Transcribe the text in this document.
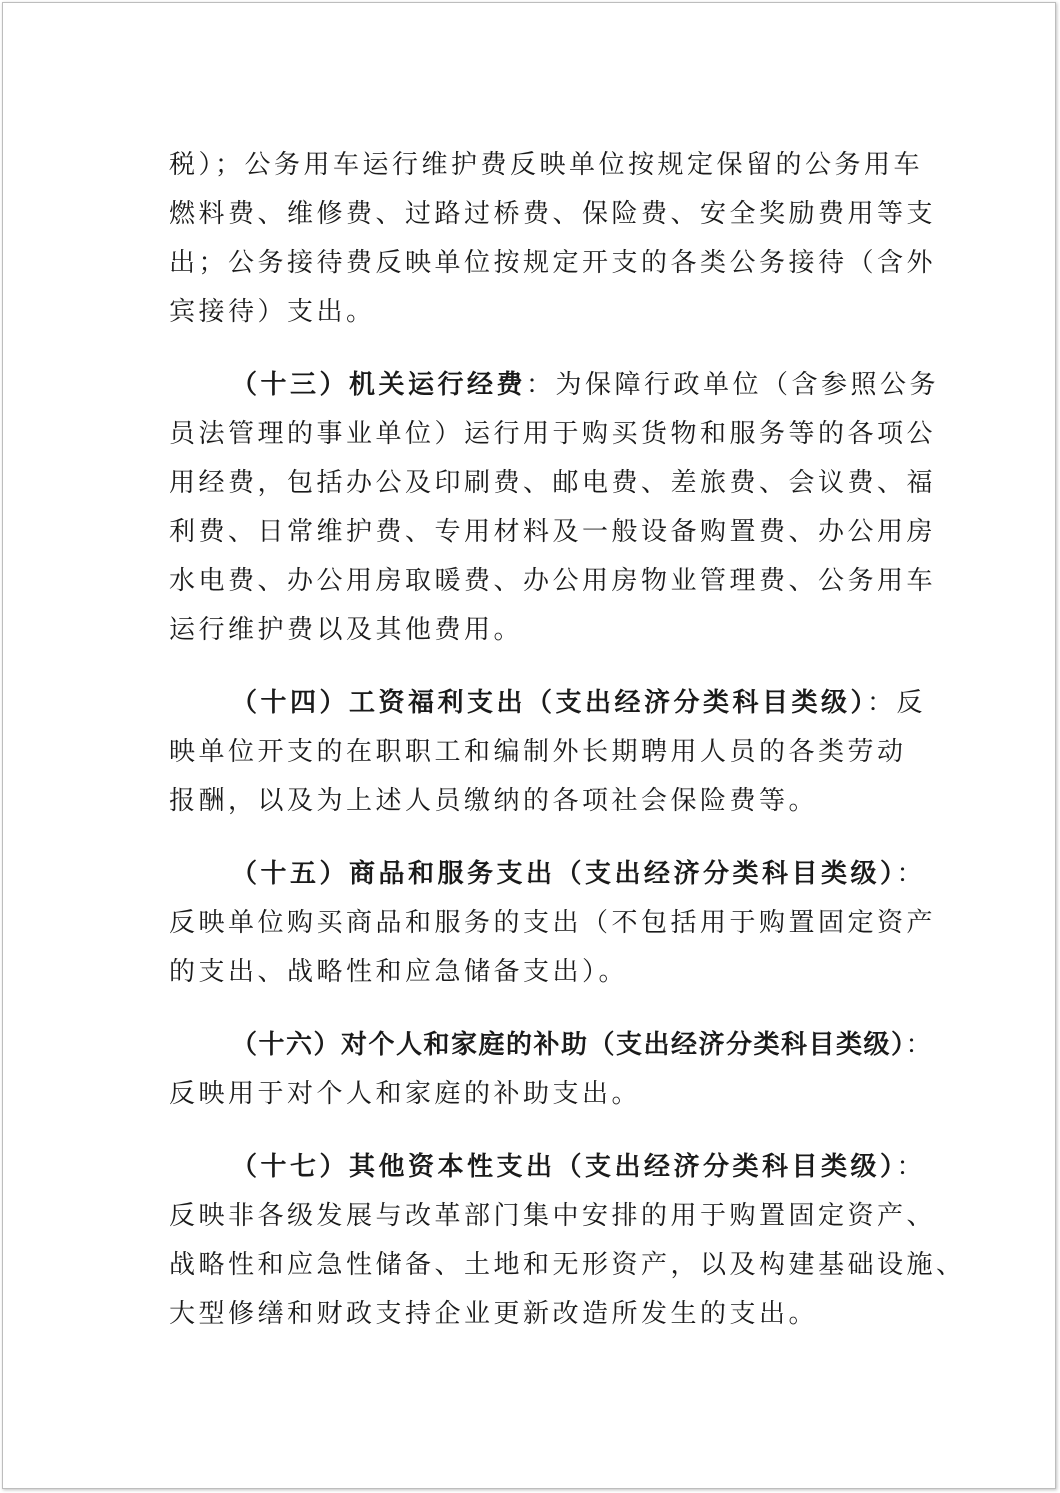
税）；公务用车运行维护费反映单位按规定保留的公务用车
燃料费、维修费、过路过桥费、保险费、安全奖励费用等支
出；公务接待费反映单位按规定开支的各类公务接待（含外
宾接待）支出。
（十三）机关运行经费：为保障行政单位（含参照公务
员法管理的事业单位）运行用于购买货物和服务等的各项公
用经费，包括办公及印刷费、邮电费、差旅费、会议费、福
利费、日常维护费、专用材料及一般设备购置费、办公用房
水电费、办公用房取暖费、办公用房物业管理费、公务用车
运行维护费以及其他费用。
（十四）工资福利支出（支出经济分类科目类级）：反
映单位开支的在职职工和编制外长期聘用人员的各类劳动
报酬，以及为上述人员缴纳的各项社会保险费等。
（十五）商品和服务支出（支出经济分类科目类级）：
反映单位购买商品和服务的支出（不包括用于购置固定资产
的支出、战略性和应急储备支出）。
（十六）对个人和家庭的补助（支出经济分类科目类级）：
反映用于对个人和家庭的补助支出。
（十七）其他资本性支出（支出经济分类科目类级）：
反映非各级发展与改革部门集中安排的用于购置固定资产、
战略性和应急性储备、土地和无形资产，以及构建基础设施、
大型修缮和财政支持企业更新改造所发生的支出。
